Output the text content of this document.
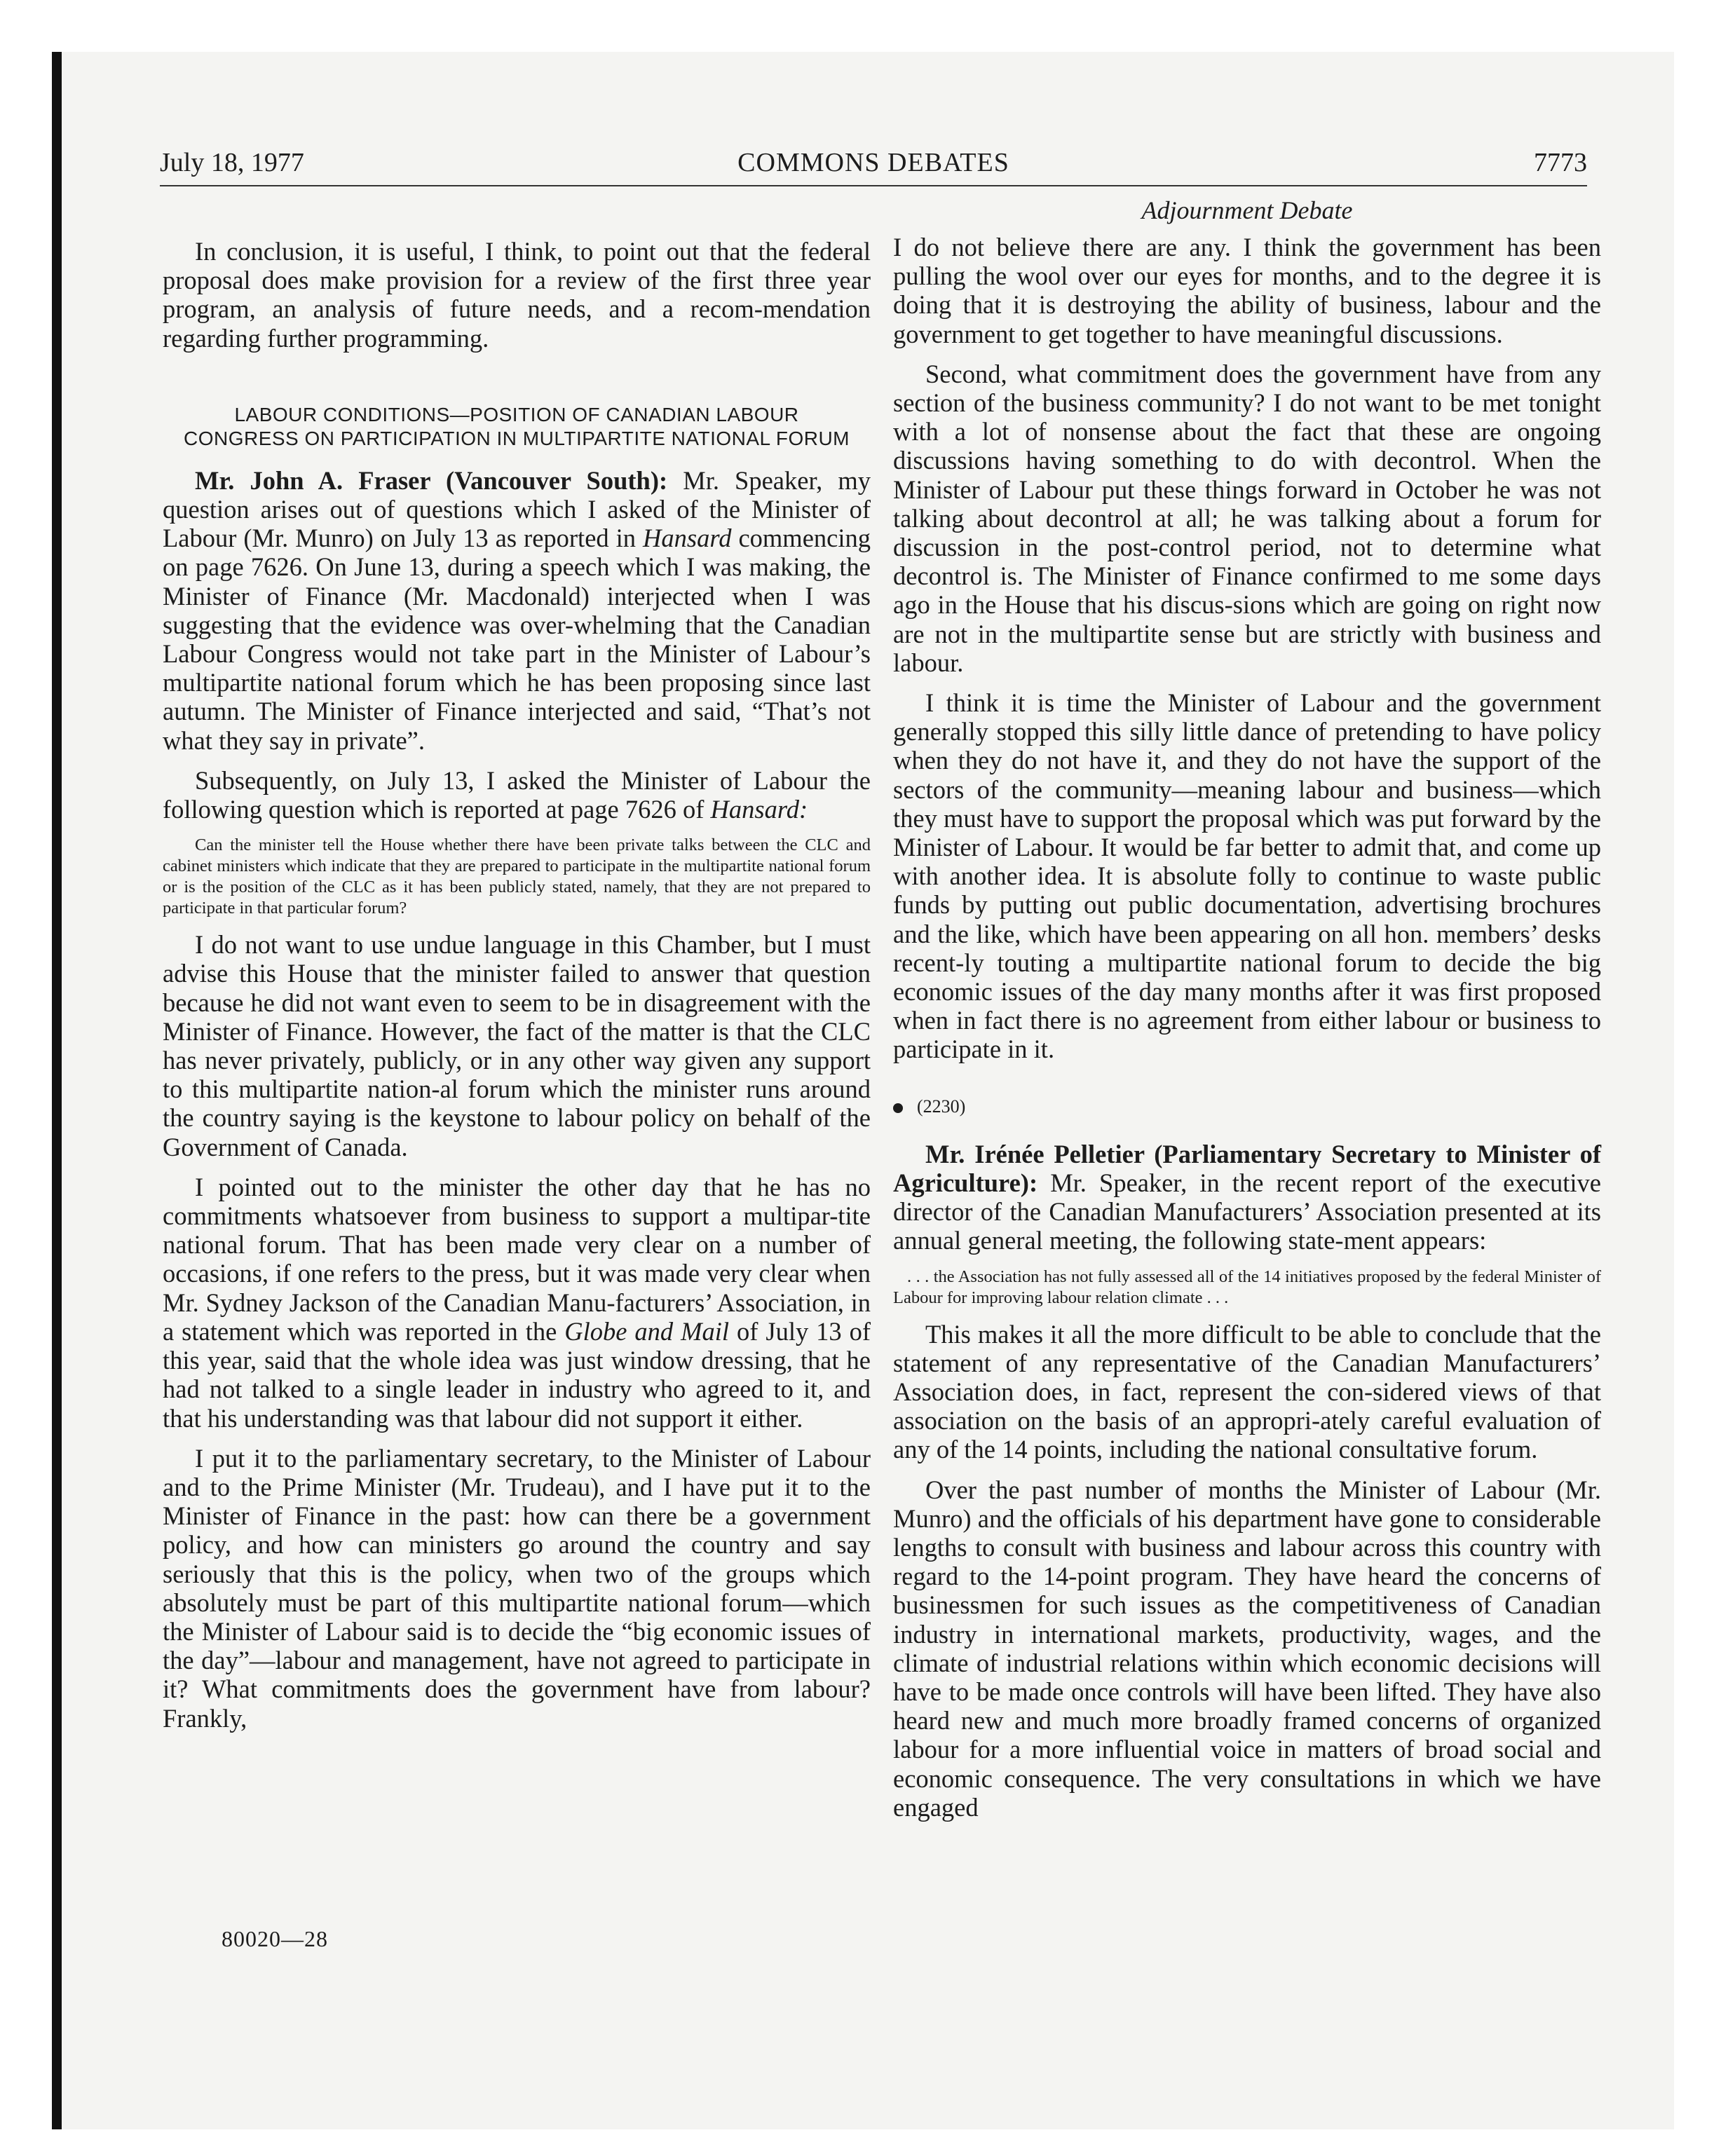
July 18, 1977	COMMONS DEBATES	7773

In conclusion, it is useful, I think, to point out that the federal proposal does make provision for a review of the first three year program, an analysis of future needs, and a recom-mendation regarding further programming.

LABOUR CONDITIONS—POSITION OF CANADIAN LABOUR CONGRESS ON PARTICIPATION IN MULTIPARTITE NATIONAL FORUM

Mr. John A. Fraser (Vancouver South): Mr. Speaker, my question arises out of questions which I asked of the Minister of Labour (Mr. Munro) on July 13 as reported in Hansard commencing on page 7626. On June 13, during a speech which I was making, the Minister of Finance (Mr. Macdonald) interjected when I was suggesting that the evidence was over-whelming that the Canadian Labour Congress would not take part in the Minister of Labour’s multipartite national forum which he has been proposing since last autumn. The Minister of Finance interjected and said, “That’s not what they say in private”.

Subsequently, on July 13, I asked the Minister of Labour the following question which is reported at page 7626 of Hansard:

Can the minister tell the House whether there have been private talks between the CLC and cabinet ministers which indicate that they are prepared to participate in the multipartite national forum or is the position of the CLC as it has been publicly stated, namely, that they are not prepared to participate in that particular forum?

I do not want to use undue language in this Chamber, but I must advise this House that the minister failed to answer that question because he did not want even to seem to be in disagreement with the Minister of Finance. However, the fact of the matter is that the CLC has never privately, publicly, or in any other way given any support to this multipartite nation-al forum which the minister runs around the country saying is the keystone to labour policy on behalf of the Government of Canada.

I pointed out to the minister the other day that he has no commitments whatsoever from business to support a multipar-tite national forum. That has been made very clear on a number of occasions, if one refers to the press, but it was made very clear when Mr. Sydney Jackson of the Canadian Manu-facturers’ Association, in a statement which was reported in the Globe and Mail of July 13 of this year, said that the whole idea was just window dressing, that he had not talked to a single leader in industry who agreed to it, and that his understanding was that labour did not support it either.

I put it to the parliamentary secretary, to the Minister of Labour and to the Prime Minister (Mr. Trudeau), and I have put it to the Minister of Finance in the past: how can there be a government policy, and how can ministers go around the country and say seriously that this is the policy, when two of the groups which absolutely must be part of this multipartite national forum—which the Minister of Labour said is to decide the “big economic issues of the day”—labour and management, have not agreed to participate in it? What commitments does the government have from labour? Frankly,

Adjournment Debate

I do not believe there are any. I think the government has been pulling the wool over our eyes for months, and to the degree it is doing that it is destroying the ability of business, labour and the government to get together to have meaningful discussions.

Second, what commitment does the government have from any section of the business community? I do not want to be met tonight with a lot of nonsense about the fact that these are ongoing discussions having something to do with decontrol. When the Minister of Labour put these things forward in October he was not talking about decontrol at all; he was talking about a forum for discussion in the post-control period, not to determine what decontrol is. The Minister of Finance confirmed to me some days ago in the House that his discus-sions which are going on right now are not in the multipartite sense but are strictly with business and labour.

I think it is time the Minister of Labour and the government generally stopped this silly little dance of pretending to have policy when they do not have it, and they do not have the support of the sectors of the community—meaning labour and business—which they must have to support the proposal which was put forward by the Minister of Labour. It would be far better to admit that, and come up with another idea. It is absolute folly to continue to waste public funds by putting out public documentation, advertising brochures and the like, which have been appearing on all hon. members’ desks recent-ly touting a multipartite national forum to decide the big economic issues of the day many months after it was first proposed when in fact there is no agreement from either labour or business to participate in it.

(2230)

Mr. Irénée Pelletier (Parliamentary Secretary to Minister of Agriculture): Mr. Speaker, in the recent report of the executive director of the Canadian Manufacturers’ Association presented at its annual general meeting, the following state-ment appears:

. . . the Association has not fully assessed all of the 14 initiatives proposed by the federal Minister of Labour for improving labour relation climate . . .

This makes it all the more difficult to be able to conclude that the statement of any representative of the Canadian Manufacturers’ Association does, in fact, represent the con-sidered views of that association on the basis of an appropri-ately careful evaluation of any of the 14 points, including the national consultative forum.

Over the past number of months the Minister of Labour (Mr. Munro) and the officials of his department have gone to considerable lengths to consult with business and labour across this country with regard to the 14-point program. They have heard the concerns of businessmen for such issues as the competitiveness of Canadian industry in international markets, productivity, wages, and the climate of industrial relations within which economic decisions will have to be made once controls will have been lifted. They have also heard new and much more broadly framed concerns of organized labour for a more influential voice in matters of broad social and economic consequence. The very consultations in which we have engaged

80020—28
